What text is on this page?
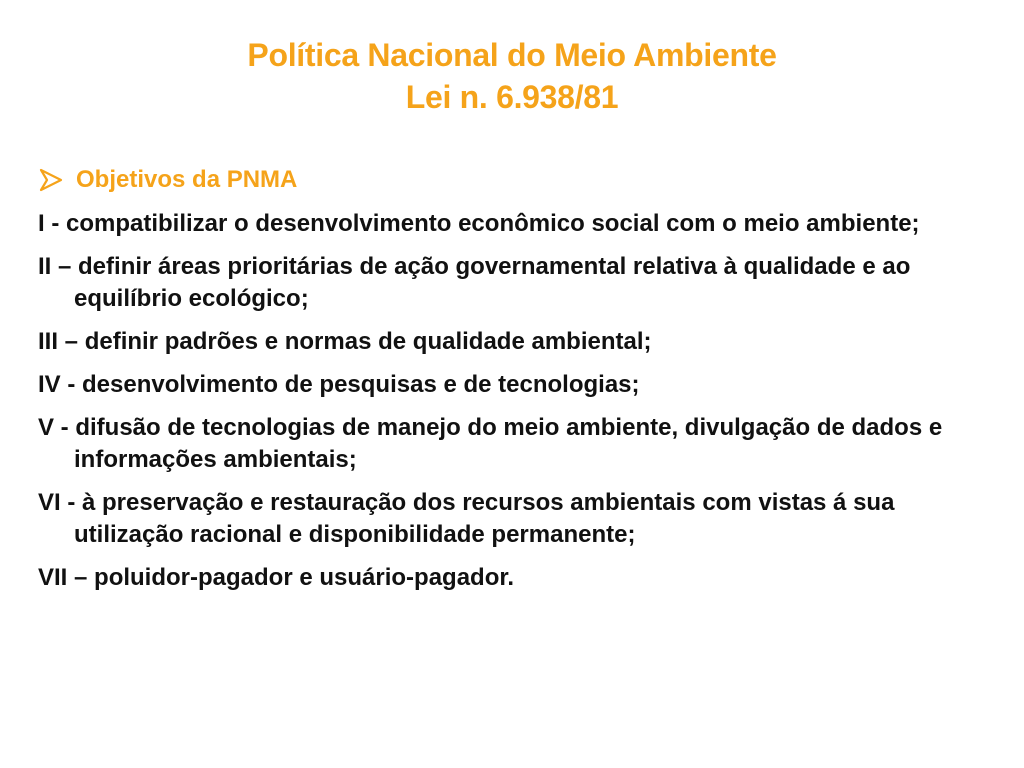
Política Nacional do Meio Ambiente
Lei n. 6.938/81
Objetivos da PNMA
I - compatibilizar o desenvolvimento econômico social com o meio ambiente;
II – definir áreas prioritárias de ação governamental relativa à qualidade e ao equilíbrio ecológico;
III – definir padrões e normas de qualidade ambiental;
IV - desenvolvimento de pesquisas e de tecnologias;
V - difusão de tecnologias de manejo do meio ambiente, divulgação de dados e informações ambientais;
VI - à preservação e restauração dos recursos ambientais com vistas á sua utilização racional e disponibilidade permanente;
VII – poluidor-pagador e usuário-pagador.
